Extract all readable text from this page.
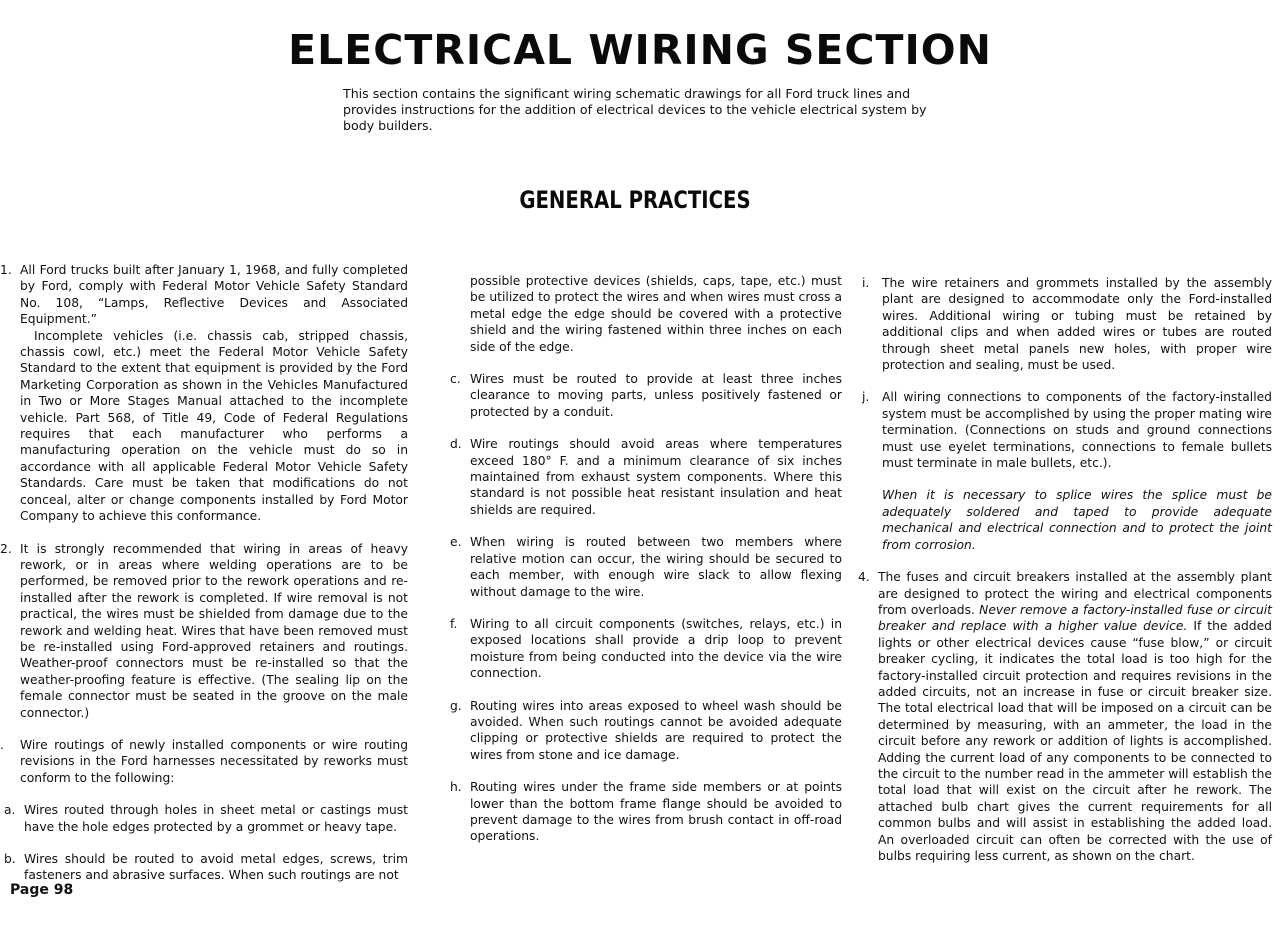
ELECTRICAL WIRING SECTION

This section contains the significant wiring schematic drawings for all Ford truck lines and provides instructions for the addition of electrical devices to the vehicle electrical system by body builders.

GENERAL PRACTICES
1. All Ford trucks built after January 1, 1968, and fully completed by Ford, comply with Federal Motor Vehicle Safety Standard No. 108, “Lamps, Reflective Devices and Associated Equipment.”

Incomplete vehicles (i.e. chassis cab, stripped chassis, chassis cowl, etc.) meet the Federal Motor Vehicle Safety Standard to the extent that equipment is provided by the Ford Marketing Corporation as shown in the Vehicles Manufactured in Two or More Stages Manual attached to the incomplete vehicle. Part 568, of Title 49, Code of Federal Regulations requires that each manufacturer who performs a manufacturing operation on the vehicle must do so in accordance with all applicable Federal Motor Vehicle Safety Standards. Care must be taken that modifications do not conceal, alter or change components installed by Ford Motor Company to achieve this conformance.

2. It is strongly recommended that wiring in areas of heavy rework, or in areas where welding operations are to be performed, be removed prior to the rework operations and re-installed after the rework is completed. If wire removal is not practical, the wires must be shielded from damage due to the rework and welding heat. Wires that have been removed must be re-installed using Ford-approved retainers and routings. Weather-proof connectors must be re-installed so that the weather-proofing feature is effective. (The sealing lip on the female connector must be seated in the groove on the male connector.)

.	Wire routings of newly installed components or wire routing revisions in the Ford harnesses necessitated by reworks must conform to the following:

a. Wires routed through holes in sheet metal or castings must have the hole edges protected by a grommet or heavy tape.

b. Wires should be routed to avoid metal edges, screws, trim fasteners and abrasive surfaces. When such routings are not

possible protective devices (shields, caps, tape, etc.) must be utilized to protect the wires and when wires must cross a metal edge the edge should be covered with a protective shield and the wiring fastened within three inches on each side of the edge.

c. Wires must be routed to provide at least three inches clearance to moving parts, unless positively fastened or protected by a conduit.

d. Wire routings should avoid areas where temperatures exceed 180° F. and a minimum clearance of six inches maintained from exhaust system components. Where this standard is not possible heat resistant insulation and heat shields are required.

e. When wiring is routed between two members where relative motion can occur, the wiring should be secured to each member, with enough wire slack to allow flexing without damage to the wire.

f.	Wiring to all circuit components (switches, relays, etc.) in exposed locations shall provide a drip loop to prevent moisture from being conducted into the device via the wire connection.

g. Routing wires into areas exposed to wheel wash should be avoided. When such routings cannot be avoided adequate clipping or protective shields are required to protect the wires from stone and ice damage.

h. Routing wires under the frame side members or at points lower than the bottom frame flange should be avoided to prevent damage to the wires from brush contact in off-road operations.

i.	The wire retainers and grommets installed by the assembly plant are designed to accommodate only the Ford-installed wires. Additional wiring or tubing must be retained by additional clips and when added wires or tubes are routed through sheet metal panels new holes, with proper wire protection and sealing, must be used.

j.	All wiring connections to components of the factory-installed system must be accomplished by using the proper mating wire termination. (Connections on studs and ground connections must use eyelet terminations, connections to female bullets must terminate in male bullets, etc.).

When it is necessary to splice wires the splice must be adequately soldered and taped to provide adequate mechanical and electrical connection and to protect the joint from corrosion.

4. The fuses and circuit breakers installed at the assembly plant are designed to protect the wiring and electrical components from overloads. Never remove a factory-installed fuse or circuit breaker and replace with a higher value device. If the added lights or other electrical devices cause “fuse blow,” or circuit breaker cycling, it indicates the total load is too high for the factory-installed circuit protection and requires revisions in the added circuits, not an increase in fuse or circuit breaker size. The total electrical load that will be imposed on a circuit can be determined by measuring, with an ammeter, the load in the circuit before any rework or addition of lights is accomplished. Adding the current load of any components to be connected to the circuit to the number read in the ammeter will establish the total load that will exist on the circuit after he rework. The attached bulb chart gives the current requirements for all common bulbs and will assist in establishing the added load. An overloaded circuit can often be corrected with the use of bulbs requiring less current, as shown on the chart.

Page 98
